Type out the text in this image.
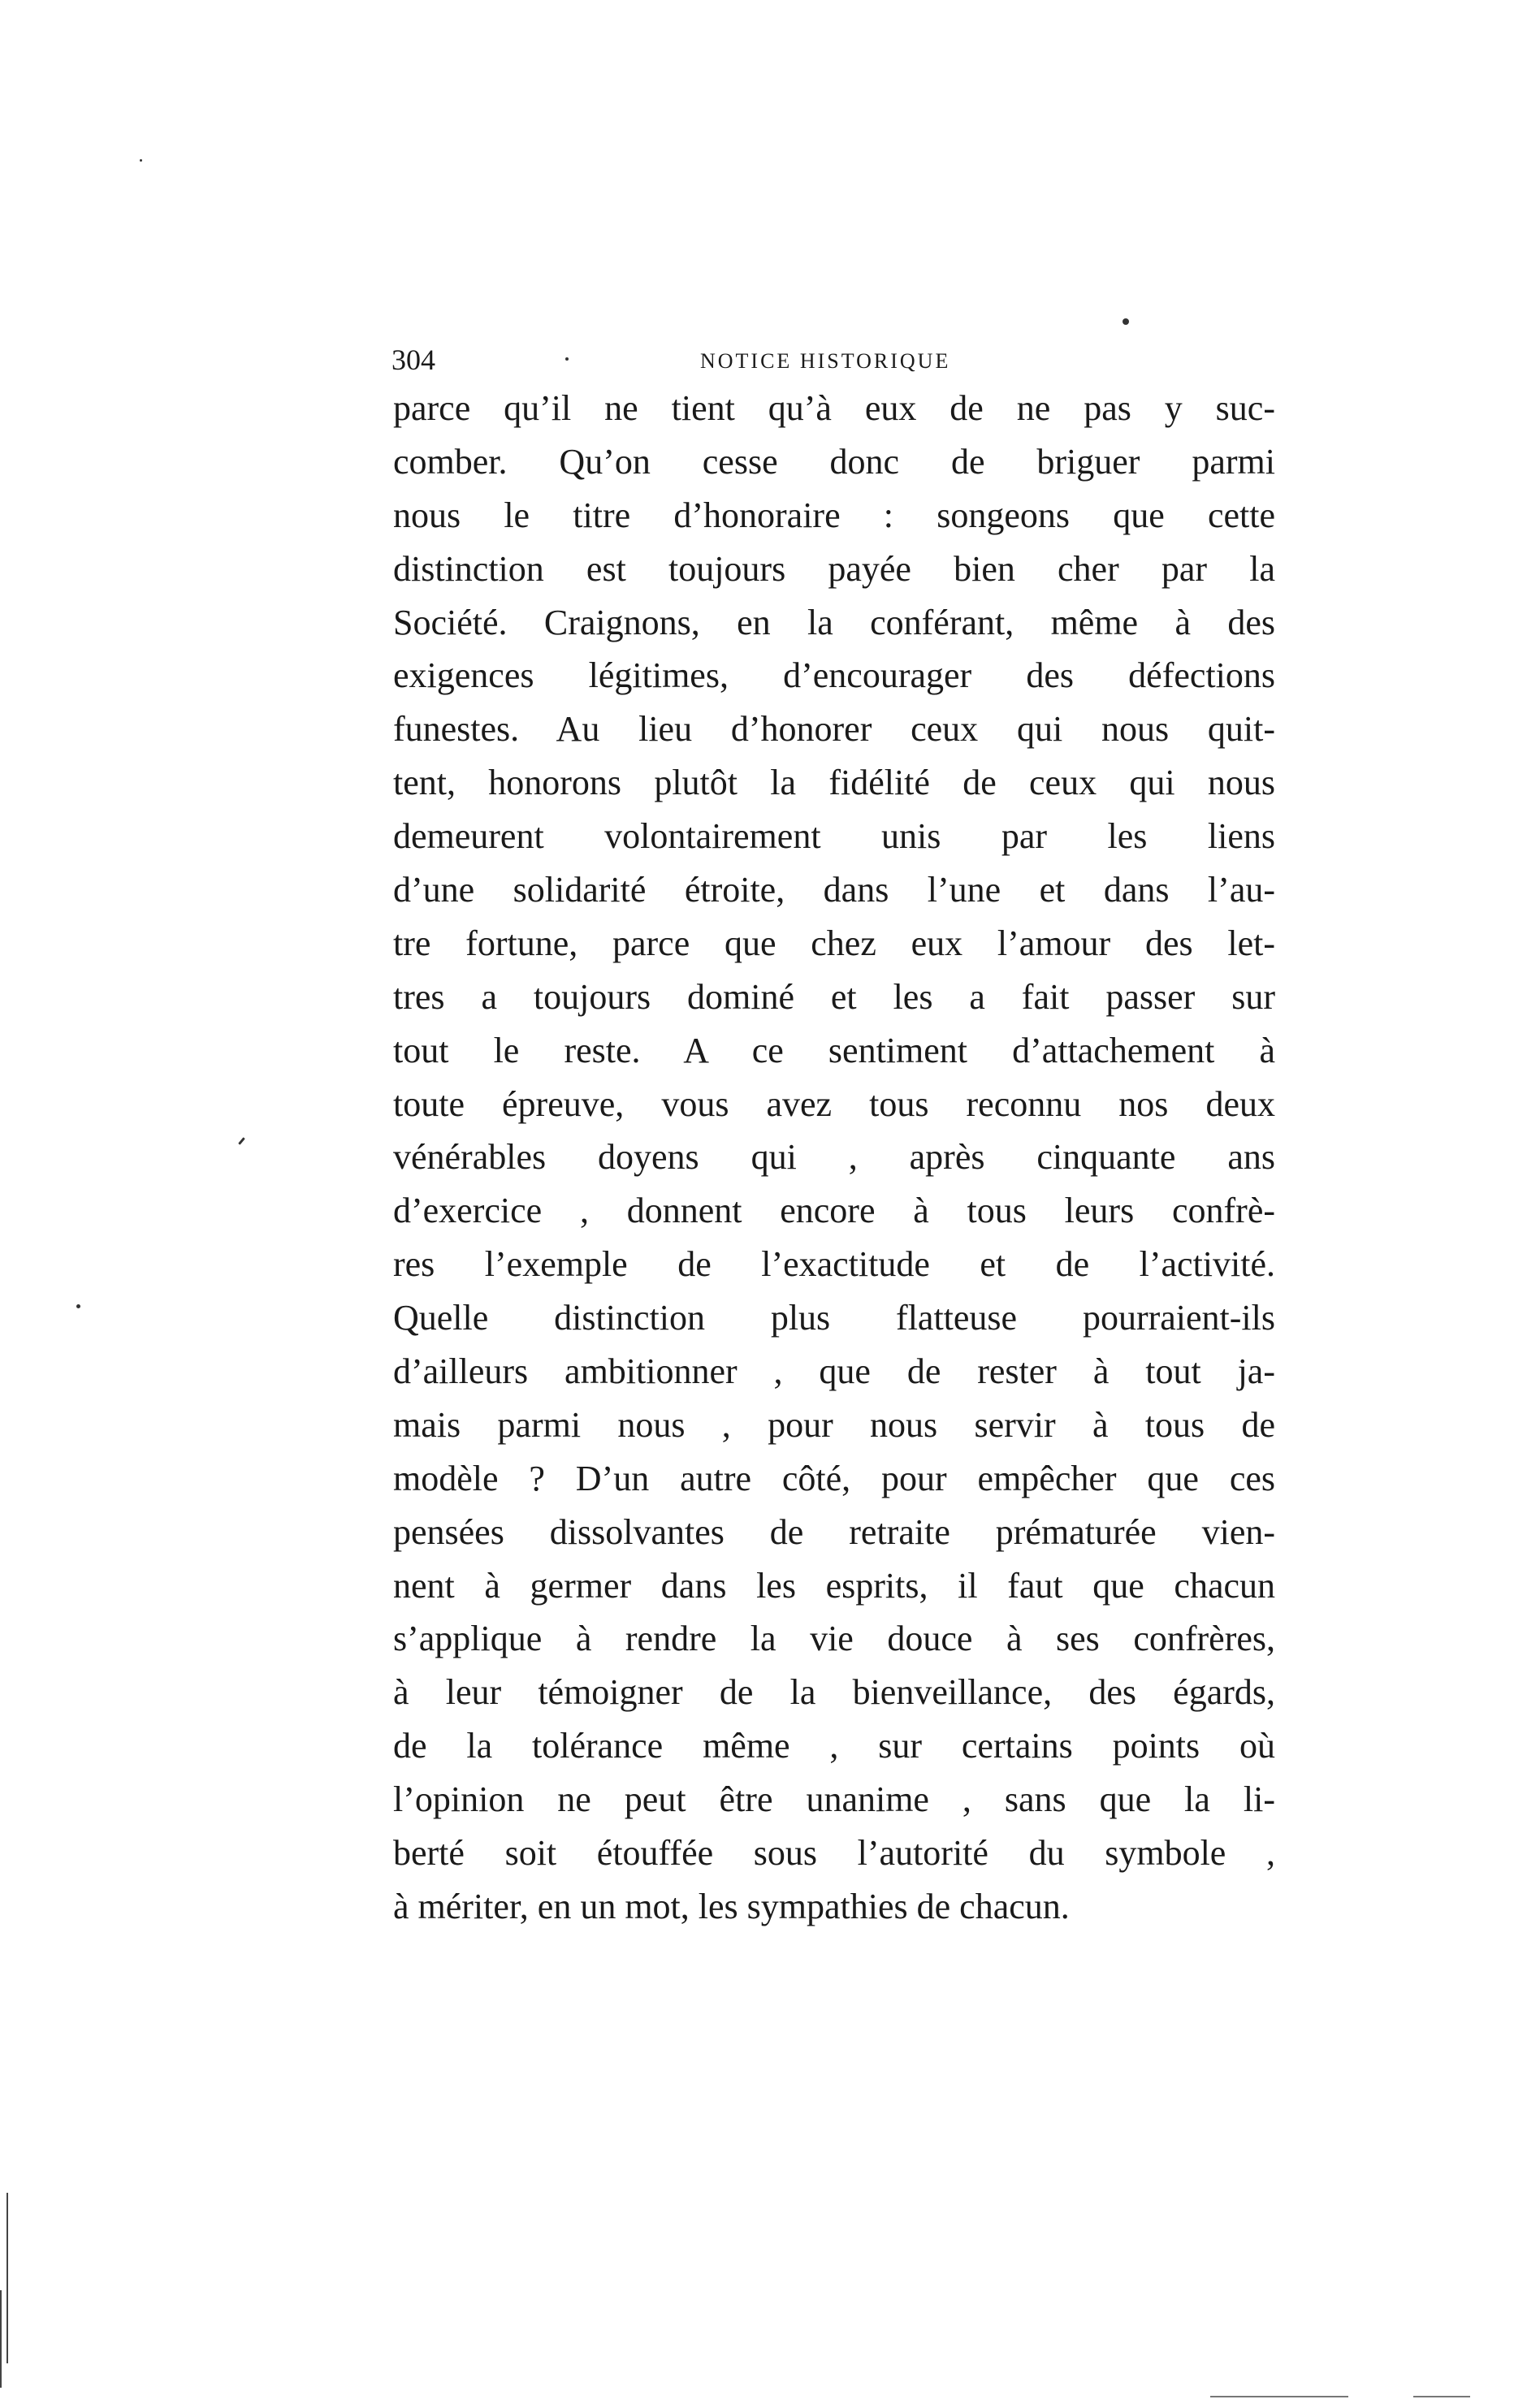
304	NOTICE HISTORIQUE
parce qu’il ne tient qu’à eux de ne pas y suc-
comber. Qu’on cesse donc de briguer parmi
nous le titre d’honoraire : songeons que cette
distinction est toujours payée bien cher par la
Société. Craignons, en la conférant, même à des
exigences légitimes, d’encourager des défections
funestes. Au lieu d’honorer ceux qui nous quit-
tent, honorons plutôt la fidélité de ceux qui nous
demeurent volontairement unis par les liens
d’une solidarité étroite, dans l’une et dans l’au-
tre fortune, parce que chez eux l’amour des let-
tres a toujours dominé et les a fait passer sur
tout le reste. A ce sentiment d’attachement à
toute épreuve, vous avez tous reconnu nos deux
vénérables doyens qui , après cinquante ans
d’exercice , donnent encore à tous leurs confrè-
res l’exemple de l’exactitude et de l’activité.
Quelle distinction plus flatteuse pourraient-ils
d’ailleurs ambitionner , que de rester à tout ja-
mais parmi nous , pour nous servir à tous de
modèle ? D’un autre côté, pour empêcher que ces
pensées dissolvantes de retraite prématurée vien-
nent à germer dans les esprits, il faut que chacun
s’applique à rendre la vie douce à ses confrères,
à leur témoigner de la bienveillance, des égards,
de la tolérance même , sur certains points où
l’opinion ne peut être unanime , sans que la li-
berté soit étouffée sous l’autorité du symbole ,
à mériter, en un mot, les sympathies de chacun.
